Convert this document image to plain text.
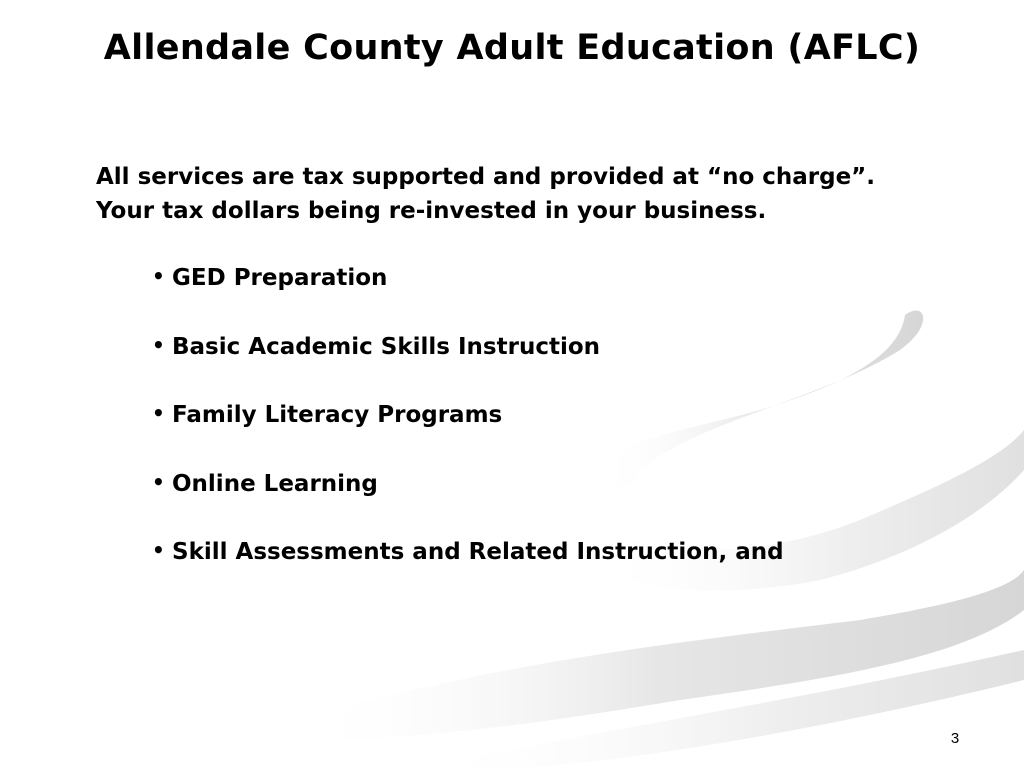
Allendale County Adult Education (AFLC)

All services are tax supported and provided at “no charge”.

Your tax dollars being re-invested in your business.

• GED Preparation
• Basic Academic Skills Instruction
• Family Literacy Programs
• Online Learning
• Skill Assessments and Related Instruction, and
3
